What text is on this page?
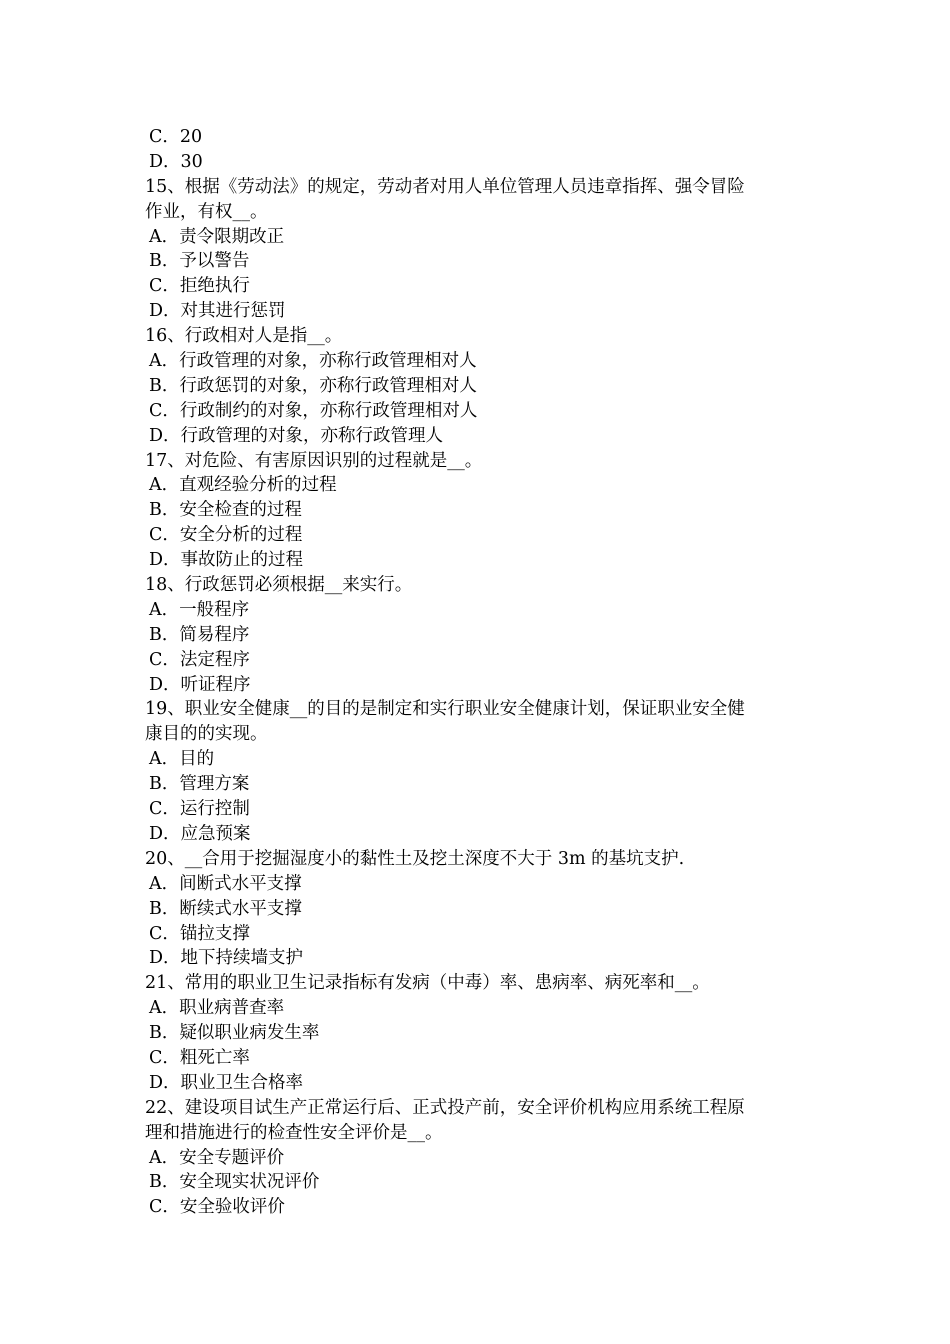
C．20
D．30
15、根据《劳动法》的规定，劳动者对用人单位管理人员违章指挥、强令冒险
作业，有权__。
A．责令限期改正
B．予以警告
C．拒绝执行
D．对其进行惩罚
16、行政相对人是指__。
A．行政管理的对象，亦称行政管理相对人
B．行政惩罚的对象，亦称行政管理相对人
C．行政制约的对象，亦称行政管理相对人
D．行政管理的对象，亦称行政管理人
17、对危险、有害原因识别的过程就是__。
A．直观经验分析的过程
B．安全检查的过程
C．安全分析的过程
D．事故防止的过程
18、行政惩罚必须根据__来实行。
A．一般程序
B．简易程序
C．法定程序
D．听证程序
19、职业安全健康__的目的是制定和实行职业安全健康计划，保证职业安全健
康目的的实现。
A．目的
B．管理方案
C．运行控制
D．应急预案
20、__合用于挖掘湿度小的黏性土及挖土深度不大于 3m 的基坑支护.
A．间断式水平支撑
B．断续式水平支撑
C．锚拉支撑
D．地下持续墙支护
21、常用的职业卫生记录指标有发病（中毒）率、患病率、病死率和__。
A．职业病普查率
B．疑似职业病发生率
C．粗死亡率
D．职业卫生合格率
22、建设项目试生产正常运行后、正式投产前，安全评价机构应用系统工程原
理和措施进行的检查性安全评价是__。
A．安全专题评价
B．安全现实状况评价
C．安全验收评价
